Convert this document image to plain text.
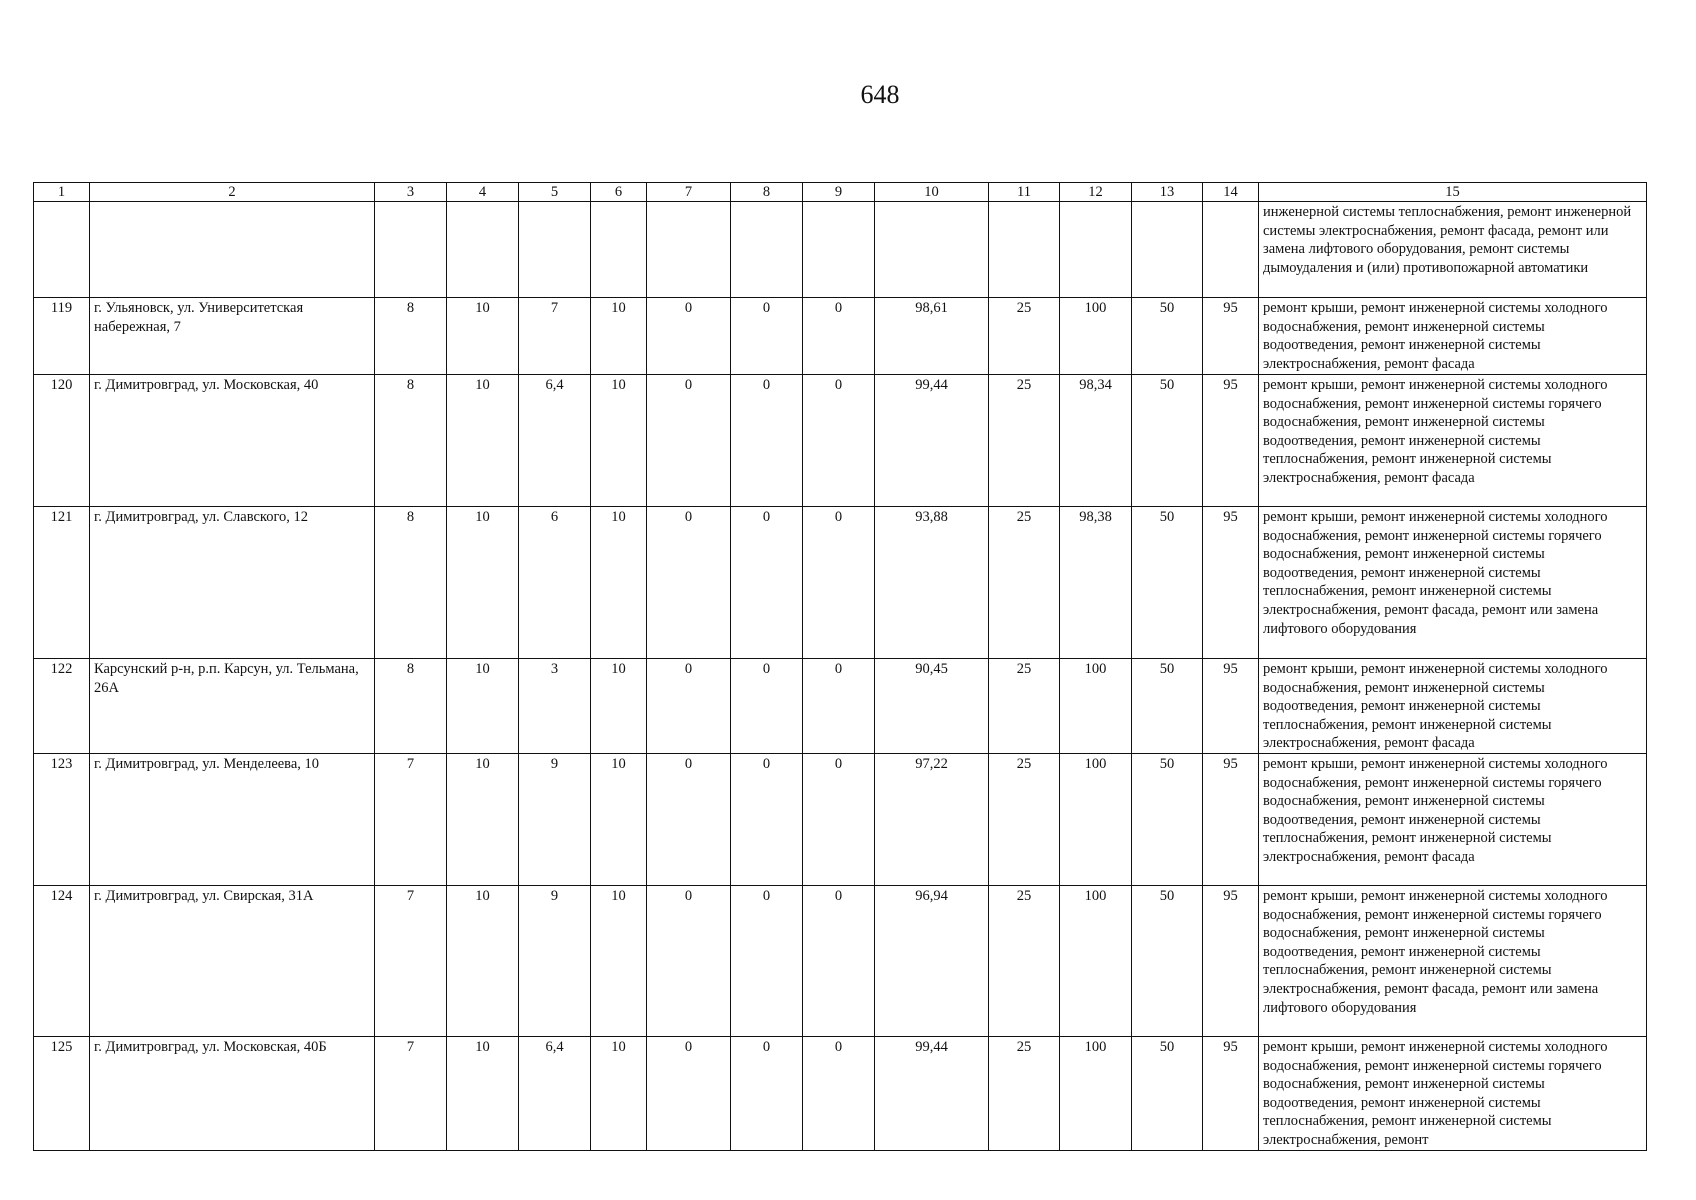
648
1	2	3	4	5	6	7	8	9	10	11	12	13	14	15
														инженерной системы теплоснабжения, ремонт инженерной системы электроснабжения, ремонт фасада, ремонт или замена лифтового оборудования, ремонт системы дымоудаления и (или) противопожарной автоматики
119	г. Ульяновск, ул. Университетская набережная, 7	8	10	7	10	0	0	0	98,61	25	100	50	95	ремонт крыши, ремонт инженерной системы холодного водоснабжения, ремонт инженерной системы водоотведения, ремонт инженерной системы электроснабжения, ремонт фасада
120	г. Димитровград, ул. Московская, 40	8	10	6,4	10	0	0	0	99,44	25	98,34	50	95	ремонт крыши, ремонт инженерной системы холодного водоснабжения, ремонт инженерной системы горячего водоснабжения, ремонт инженерной системы водоотведения, ремонт инженерной системы теплоснабжения, ремонт инженерной системы электроснабжения, ремонт фасада
121	г. Димитровград, ул. Славского, 12	8	10	6	10	0	0	0	93,88	25	98,38	50	95	ремонт крыши, ремонт инженерной системы холодного водоснабжения, ремонт инженерной системы горячего водоснабжения, ремонт инженерной системы водоотведения, ремонт инженерной системы теплоснабжения, ремонт инженерной системы электроснабжения, ремонт фасада, ремонт или замена лифтового оборудования
122	Карсунский р-н, р.п. Карсун, ул. Тельмана, 26А	8	10	3	10	0	0	0	90,45	25	100	50	95	ремонт крыши, ремонт инженерной системы холодного водоснабжения, ремонт инженерной системы водоотведения, ремонт инженерной системы теплоснабжения, ремонт инженерной системы электроснабжения, ремонт фасада
123	г. Димитровград, ул. Менделеева, 10	7	10	9	10	0	0	0	97,22	25	100	50	95	ремонт крыши, ремонт инженерной системы холодного водоснабжения, ремонт инженерной системы горячего водоснабжения, ремонт инженерной системы водоотведения, ремонт инженерной системы теплоснабжения, ремонт инженерной системы электроснабжения, ремонт фасада
124	г. Димитровград, ул. Свирская, 31А	7	10	9	10	0	0	0	96,94	25	100	50	95	ремонт крыши, ремонт инженерной системы холодного водоснабжения, ремонт инженерной системы горячего водоснабжения, ремонт инженерной системы водоотведения, ремонт инженерной системы теплоснабжения, ремонт инженерной системы электроснабжения, ремонт фасада, ремонт или замена лифтового оборудования
125	г. Димитровград, ул. Московская, 40Б	7	10	6,4	10	0	0	0	99,44	25	100	50	95	ремонт крыши, ремонт инженерной системы холодного водоснабжения, ремонт инженерной системы горячего водоснабжения, ремонт инженерной системы водоотведения, ремонт инженерной системы теплоснабжения, ремонт инженерной системы электроснабжения, ремонт
